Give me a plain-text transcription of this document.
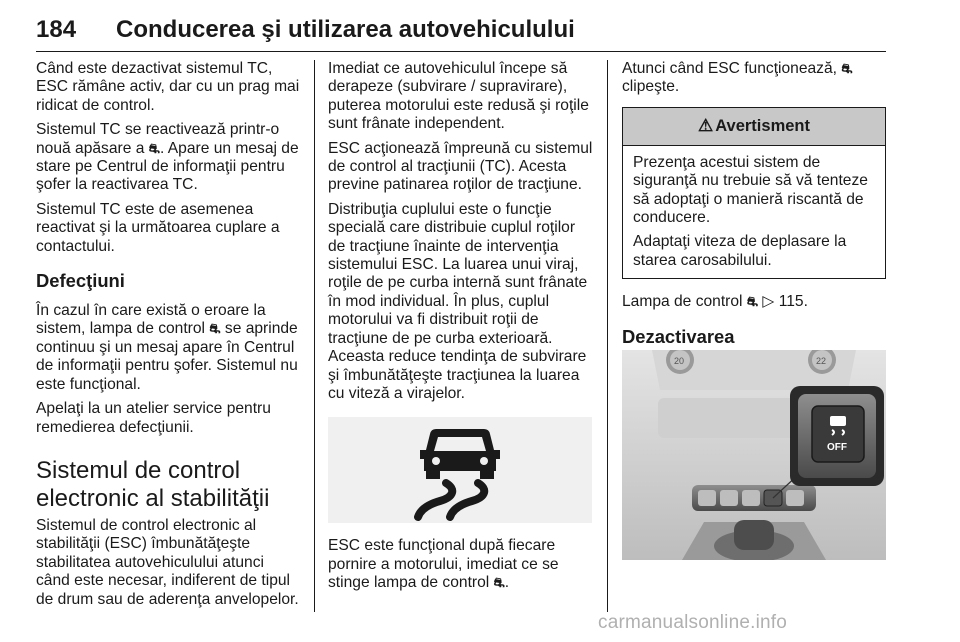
184 Conducerea şi utilizarea autovehiculului

Când este dezactivat sistemul TC, ESC rămâne activ, dar cu un prag mai ridicat de control.

Sistemul TC se reactivează printr-o nouă apăsare a ⛐. Apare un mesaj de stare pe Centrul de informaţii pentru şofer la reactivarea TC.

Sistemul TC este de asemenea reactivat şi la următoarea cuplare a contactului.

Defecţiuni

În cazul în care există o eroare la sistem, lampa de control ⛐ se aprinde continuu şi un mesaj apare în Centrul de informaţii pentru şofer. Sistemul nu este funcţional.

Apelaţi la un atelier service pentru remedierea defecţiunii.

Sistemul de control electronic al stabilităţii

Sistemul de control electronic al stabilităţii (ESC) îmbunătăţeşte stabilitatea autovehiculului atunci când este necesar, indiferent de tipul de drum sau de aderenţa anvelopelor.

Imediat ce autovehiculul începe să derapeze (subvirare / supravirare), puterea motorului este redusă şi roţile sunt frânate independent.

ESC acţionează împreună cu sistemul de control al tracţiunii (TC). Acesta previne patinarea roţilor de tracţiune.

Distribuţia cuplului este o funcţie specială care distribuie cuplul roţilor de tracţiune înainte de intervenţia sistemului ESC. La luarea unui viraj, roţile de pe curba internă sunt frânate în mod individual. În plus, cuplul motorului va fi distribuit roţii de tracţiune de pe curba exterioară. Aceasta reduce tendinţa de subvirare şi îmbunătăţeşte tracţiunea la luarea cu viteză a virajelor.

ESC este funcţional după fiecare pornire a motorului, imediat ce se stinge lampa de control ⛐.

Atunci când ESC funcţionează, ⛐
clipeşte.

⚠ Avertisment

Prezenţa acestui sistem de siguranţă nu trebuie să vă tenteze să adoptaţi o manieră riscantă de conducere.

Adaptaţi viteza de deplasare la starea carosabilului.

Lampa de control ⛐ ▷ 115.

Dezactivarea
20	22
OFF
carmanualsonline.info
